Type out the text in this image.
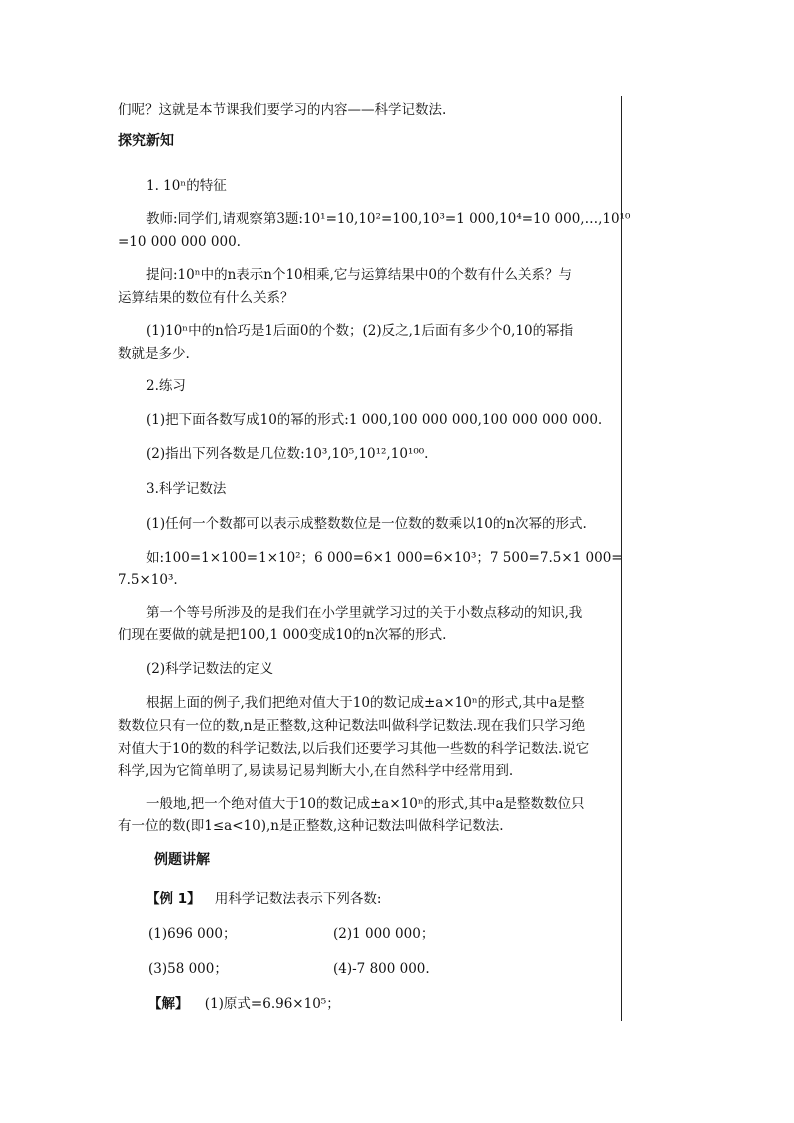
们呢？这就是本节课我们要学习的内容——科学记数法.
探究新知
1. 10ⁿ的特征
教师:同学们,请观察第3题:10¹=10,10²=100,10³=1 000,10⁴=10 000,…,10¹⁰
=10 000 000 000.
提问:10ⁿ中的n表示n个10相乘,它与运算结果中0的个数有什么关系？与
运算结果的数位有什么关系？
(1)10ⁿ中的n恰巧是1后面0的个数；(2)反之,1后面有多少个0,10的幂指
数就是多少.
2.练习
(1)把下面各数写成10的幂的形式:1 000,100 000 000,100 000 000 000.
(2)指出下列各数是几位数:10³,10⁵,10¹²,10¹⁰⁰.
3.科学记数法
(1)任何一个数都可以表示成整数数位是一位数的数乘以10的n次幂的形式.
如:100=1×100=1×10²；6 000=6×1 000=6×10³；7 500=7.5×1 000=
7.5×10³.
第一个等号所涉及的是我们在小学里就学习过的关于小数点移动的知识,我
们现在要做的就是把100,1 000变成10的n次幂的形式.
(2)科学记数法的定义
根据上面的例子,我们把绝对值大于10的数记成±a×10ⁿ的形式,其中a是整
数数位只有一位的数,n是正整数,这种记数法叫做科学记数法.现在我们只学习绝
对值大于10的数的科学记数法,以后我们还要学习其他一些数的科学记数法.说它
科学,因为它简单明了,易读易记易判断大小,在自然科学中经常用到.
一般地,把一个绝对值大于10的数记成±a×10ⁿ的形式,其中a是整数数位只
有一位的数(即1≤a<10),n是正整数,这种记数法叫做科学记数法.
例题讲解
【例 1】 用科学记数法表示下列各数:
(1)696 000；	(2)1 000 000；
(3)58 000；	(4)-7 800 000.
【解】 (1)原式=6.96×10⁵；
